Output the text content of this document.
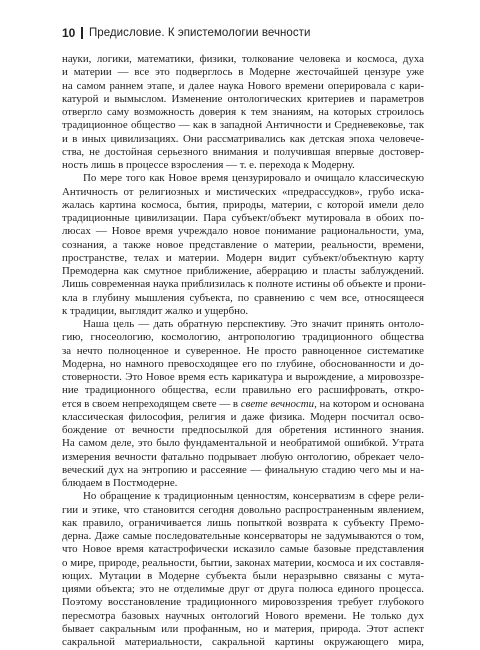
10 Предисловие. К эпистемологии вечности
науки, логики, математики, физики, толкование человека и космоса, духа
и материи — все это подверглось в Модерне жесточайшей цензуре уже
на самом раннем этапе, и далее наука Нового времени оперировала с кари-
катурой и вымыслом. Изменение онтологических критериев и параметров
отвергло саму возможность доверия к тем знаниям, на которых строилось
традиционное общество — как в западной Античности и Средневековье, так
и в иных цивилизациях. Они рассматривались как детская эпоха человече-
ства, не достойная серьезного внимания и получившая впервые достовер-
ность лишь в процессе взросления — т. е. перехода к Модерну.
По мере того как Новое время цензурировало и очищало классическую
Античность от религиозных и мистических «предрассудков», грубо иска-
жалась картина космоса, бытия, природы, материи, с которой имели дело
традиционные цивилизации. Пара субъект/объект мутировала в обоих по-
люсах — Новое время учреждало новое понимание рациональности, ума,
сознания, а также новое представление о материи, реальности, времени,
пространстве, телах и материи. Модерн видит субъект/объектную карту
Премодерна как смутное приближение, аберрацию и пласты заблуждений.
Лишь современная наука приблизилась к полноте истины об объекте и прони-
кла в глубину мышления субъекта, по сравнению с чем все, относящееся
к традиции, выглядит жалко и ущербно.
Наша цель — дать обратную перспективу. Это значит принять онтоло-
гию, гносеологию, космологию, антропологию традиционного общества
за нечто полноценное и суверенное. Не просто равноценное систематике
Модерна, но намного превосходящее его по глубине, обоснованности и до-
стоверности. Это Новое время есть карикатура и вырождение, а мировоззре-
ние традиционного общества, если правильно его расшифровать, откро-
ется в своем непреходящем свете — в свете вечности, на котором и основана
классическая философия, религия и даже физика. Модерн посчитал осво-
бождение от вечности предпосылкой для обретения истинного знания.
На самом деле, это было фундаментальной и необратимой ошибкой. Утрата
измерения вечности фатально подрывает любую онтологию, обрекает чело-
веческий дух на энтропию и рассеяние — финальную стадию чего мы и на-
блюдаем в Постмодерне.
Но обращение к традиционным ценностям, консерватизм в сфере рели-
гии и этике, что становится сегодня довольно распространенным явлением,
как правило, ограничивается лишь попыткой возврата к субъекту Премо-
дерна. Даже самые последовательные консерваторы не задумываются о том,
что Новое время катастрофически исказило самые базовые представления
о мире, природе, реальности, бытии, законах материи, космоса и их составля-
ющих. Мутации в Модерне субъекта были неразрывно связаны с мута-
циями объекта; это не отделимые друг от друга полюса единого процесса.
Поэтому восстановление традиционного мировоззрения требует глубокого
пересмотра базовых научных онтологий Нового времени. Не только дух
бывает сакральным или профанным, но и материя, природа. Этот аспект
сакральной материальности, сакральной картины окружающего мира,
